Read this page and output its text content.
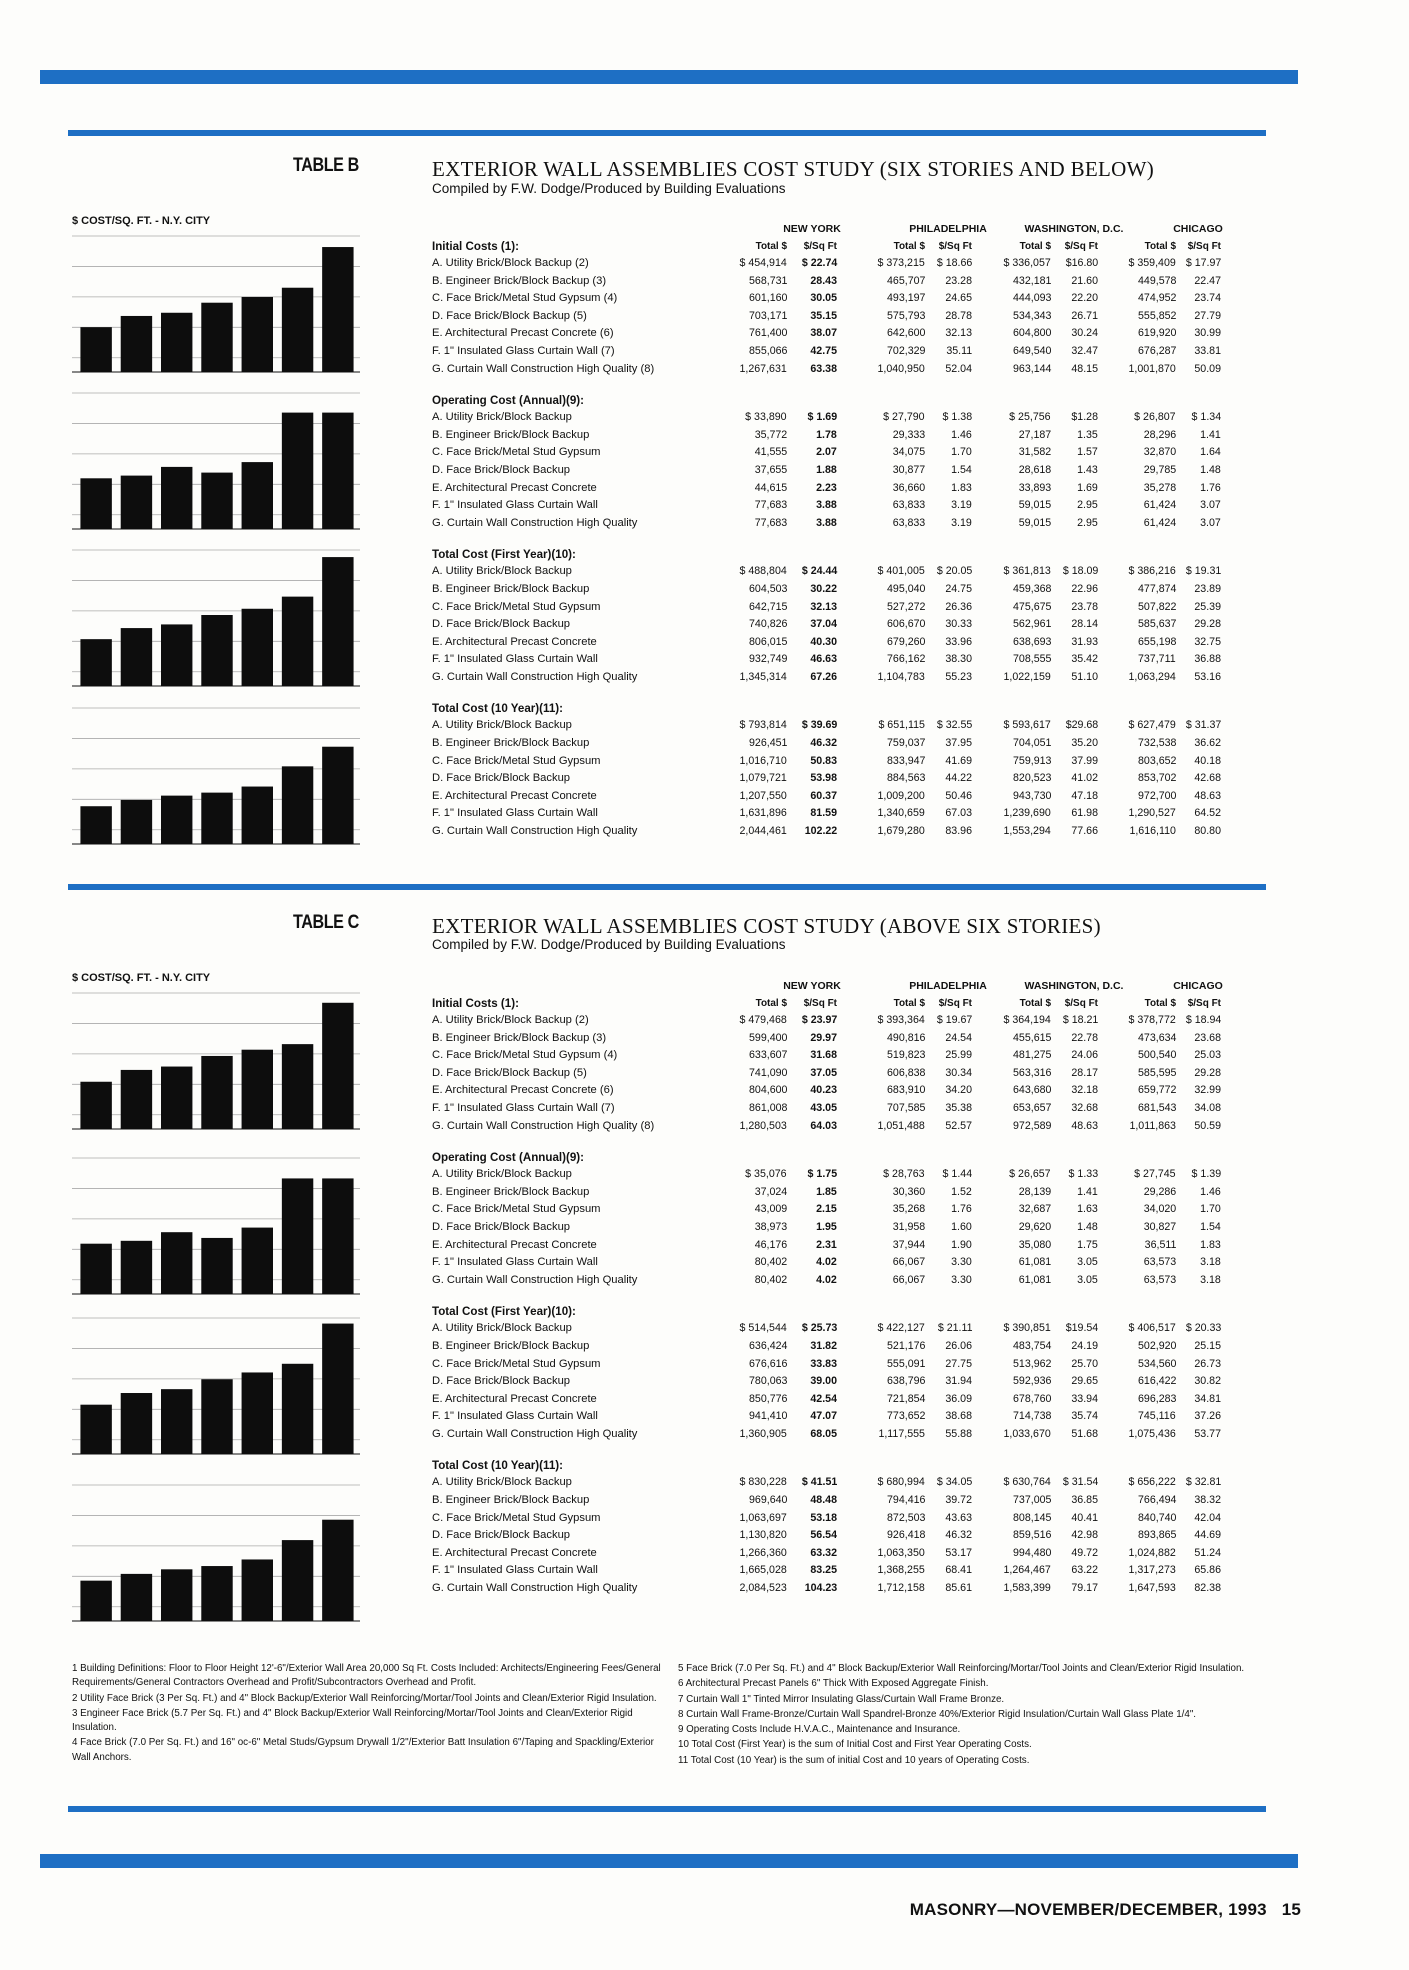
TABLE B	EXTERIOR WALL ASSEMBLIES COST STUDY (SIX STORIES AND BELOW)
Compiled by F.W. Dodge/Produced by Building Evaluations
$ COST/SQ. FT. - N.Y. CITY
NEW YORK	PHILADELPHIA	WASHINGTON, D.C.	CHICAGO
Initial Costs (1):	Total $	$/Sq Ft	Total $	$/Sq Ft	Total $	$/Sq Ft	Total $	$/Sq Ft
A. Utility Brick/Block Backup (2)	$ 454,914 $ 22.74	$ 373,215 $ 18.66	$ 336,057 $16.80	$ 359,409 $ 17.97
B. Engineer Brick/Block Backup (3)	568,731 28.43	465,707 23.28	432,181 21.60	449,578 22.47
C. Face Brick/Metal Stud Gypsum (4)	601,160 30.05	493,197 24.65	444,093 22.20	474,952 23.74
D. Face Brick/Block Backup (5)	703,171 35.15	575,793 28.78	534,343 26.71	555,852 27.79
E. Architectural Precast Concrete (6)	761,400 38.07	642,600 32.13	604,800 30.24	619,920 30.99
F. 1" Insulated Glass Curtain Wall (7)	855,066 42.75	702,329 35.11	649,540 32.47	676,287 33.81
G. Curtain Wall Construction High Quality (8)	1,267,631 63.38	1,040,950 52.04	963,144 48.15	1,001,870 50.09
Operating Cost (Annual)(9):
A. Utility Brick/Block Backup	$ 33,890 $ 1.69	$ 27,790 $ 1.38	$ 25,756 $1.28	$ 26,807 $ 1.34
B. Engineer Brick/Block Backup	35,772	1.78	29,333 1.46	27,187 1.35	28,296 1.41
C. Face Brick/Metal Stud Gypsum	41,555	2.07	34,075 1.70	31,582 1.57	32,870 1.64
D. Face Brick/Block Backup	37,655	1.88	30,877 1.54	28,618 1.43	29,785 1.48
E. Architectural Precast Concrete	44,615	2.23	36,660 1.83	33,893 1.69	35,278 1.76
F. 1" Insulated Glass Curtain Wall	77,683	3.88	63,833 3.19	59,015 2.95	61,424 3.07
G. Curtain Wall Construction High Quality	77,683	3.88	63,833 3.19	59,015 2.95	61,424 3.07
Total Cost (First Year)(10):
A. Utility Brick/Block Backup	$ 488,804 $ 24.44	$ 401,005 $ 20.05	$ 361,813 $ 18.09	$ 386,216 $ 19.31
B. Engineer Brick/Block Backup	604,503 30.22	495,040 24.75	459,368 22.96	477,874 23.89
C. Face Brick/Metal Stud Gypsum	642,715 32.13	527,272 26.36	475,675 23.78	507,822 25.39
D. Face Brick/Block Backup	740,826 37.04	606,670 30.33	562,961 28.14	585,637 29.28
E. Architectural Precast Concrete	806,015 40.30	679,260 33.96	638,693 31.93	655,198 32.75
F. 1" Insulated Glass Curtain Wall	932,749 46.63	766,162 38.30	708,555 35.42	737,711 36.88
G. Curtain Wall Construction High Quality	1,345,314 67.26	1,104,783 55.23	1,022,159 51.10	1,063,294 53.16
Total Cost (10 Year)(11):
A. Utility Brick/Block Backup	$ 793,814 $ 39.69	$ 651,115 $ 32.55	$ 593,617 $29.68	$ 627,479 $ 31.37
B. Engineer Brick/Block Backup	926,451 46.32	759,037 37.95	704,051 35.20	732,538 36.62
C. Face Brick/Metal Stud Gypsum	1,016,710 50.83	833,947 41.69	759,913 37.99	803,652 40.18
D. Face Brick/Block Backup	1,079,721 53.98	884,563 44.22	820,523 41.02	853,702 42.68
E. Architectural Precast Concrete	1,207,550 60.37	1,009,200 50.46	943,730 47.18	972,700 48.63
F. 1" Insulated Glass Curtain Wall	1,631,896 81.59	1,340,659 67.03	1,239,690 61.98	1,290,527 64.52
G. Curtain Wall Construction High Quality	2,044,461 102.22	1,679,280 83.96	1,553,294 77.66	1,616,110 80.80
TABLE C	EXTERIOR WALL ASSEMBLIES COST STUDY (ABOVE SIX STORIES)
Compiled by F.W. Dodge/Produced by Building Evaluations
$ COST/SQ. FT. - N.Y. CITY
NEW YORK	PHILADELPHIA	WASHINGTON, D.C.	CHICAGO
Initial Costs (1):	Total $	$/Sq Ft	Total $	$/Sq Ft	Total $	$/Sq Ft	Total $	$/Sq Ft
A. Utility Brick/Block Backup (2)	$ 479,468 $ 23.97	$ 393,364 $ 19.67	$ 364,194 $ 18.21	$ 378,772 $ 18.94
B. Engineer Brick/Block Backup (3)	599,400 29.97	490,816 24.54	455,615 22.78	473,634 23.68
C. Face Brick/Metal Stud Gypsum (4)	633,607 31.68	519,823 25.99	481,275 24.06	500,540 25.03
D. Face Brick/Block Backup (5)	741,090 37.05	606,838 30.34	563,316 28.17	585,595 29.28
E. Architectural Precast Concrete (6)	804,600 40.23	683,910 34.20	643,680 32.18	659,772 32.99
F. 1" Insulated Glass Curtain Wall (7)	861,008 43.05	707,585 35.38	653,657 32.68	681,543 34.08
G. Curtain Wall Construction High Quality (8)	1,280,503 64.03	1,051,488 52.57	972,589 48.63	1,011,863 50.59
Operating Cost (Annual)(9):
A. Utility Brick/Block Backup	$ 35,076 $ 1.75	$ 28,763 $ 1.44	$ 26,657 $ 1.33	$ 27,745 $ 1.39
B. Engineer Brick/Block Backup	37,024	1.85	30,360 1.52	28,139 1.41	29,286 1.46
C. Face Brick/Metal Stud Gypsum	43,009	2.15	35,268 1.76	32,687 1.63	34,020 1.70
D. Face Brick/Block Backup	38,973	1.95	31,958 1.60	29,620 1.48	30,827 1.54
E. Architectural Precast Concrete	46,176	2.31	37,944 1.90	35,080 1.75	36,511 1.83
F. 1" Insulated Glass Curtain Wall	80,402	4.02	66,067 3.30	61,081 3.05	63,573 3.18
G. Curtain Wall Construction High Quality	80,402	4.02	66,067 3.30	61,081 3.05	63,573 3.18
Total Cost (First Year)(10):
A. Utility Brick/Block Backup	$ 514,544 $ 25.73	$ 422,127 $ 21.11	$ 390,851 $19.54	$ 406,517 $ 20.33
B. Engineer Brick/Block Backup	636,424 31.82	521,176 26.06	483,754 24.19	502,920 25.15
C. Face Brick/Metal Stud Gypsum	676,616 33.83	555,091 27.75	513,962 25.70	534,560 26.73
D. Face Brick/Block Backup	780,063 39.00	638,796 31.94	592,936 29.65	616,422 30.82
E. Architectural Precast Concrete	850,776 42.54	721,854 36.09	678,760 33.94	696,283 34.81
F. 1" Insulated Glass Curtain Wall	941,410 47.07	773,652 38.68	714,738 35.74	745,116 37.26
G. Curtain Wall Construction High Quality	1,360,905 68.05	1,117,555 55.88	1,033,670 51.68	1,075,436 53.77
Total Cost (10 Year)(11):
A. Utility Brick/Block Backup	$ 830,228 $ 41.51	$ 680,994 $ 34.05	$ 630,764 $ 31.54	$ 656,222 $ 32.81
B. Engineer Brick/Block Backup	969,640 48.48	794,416 39.72	737,005 36.85	766,494 38.32
C. Face Brick/Metal Stud Gypsum	1,063,697 53.18	872,503 43.63	808,145 40.41	840,740 42.04
D. Face Brick/Block Backup	1,130,820 56.54	926,418 46.32	859,516 42.98	893,865 44.69
E. Architectural Precast Concrete	1,266,360 63.32	1,063,350 53.17	994,480 49.72	1,024,882 51.24
F. 1" Insulated Glass Curtain Wall	1,665,028 83.25	1,368,255 68.41	1,264,467 63.22	1,317,273 65.86
G. Curtain Wall Construction High Quality	2,084,523 104.23	1,712,158 85.61	1,583,399 79.17	1,647,593 82.38
1 Building Definitions: Floor to Floor Height 12'-6"/Exterior Wall Area 20,000 Sq Ft. Costs Included: Architects/Engineering Fees/General Requirements/General Contractors Overhead and Profit/Subcontractors Overhead and Profit.
2 Utility Face Brick (3 Per Sq. Ft.) and 4" Block Backup/Exterior Wall Reinforcing/Mortar/Tool Joints and Clean/Exterior Rigid Insulation.
3 Engineer Face Brick (5.7 Per Sq. Ft.) and 4" Block Backup/Exterior Wall Reinforcing/Mortar/Tool Joints and Clean/Exterior Rigid Insulation.
4 Face Brick (7.0 Per Sq. Ft.) and 16" oc-6" Metal Studs/Gypsum Drywall 1/2"/Exterior Batt Insulation 6"/Taping and Spackling/Exterior Wall Anchors.
5 Face Brick (7.0 Per Sq. Ft.) and 4" Block Backup/Exterior Wall Reinforcing/Mortar/Tool Joints and Clean/Exterior Rigid Insulation.
6 Architectural Precast Panels 6" Thick With Exposed Aggregate Finish.
7 Curtain Wall 1" Tinted Mirror Insulating Glass/Curtain Wall Frame Bronze.
8 Curtain Wall Frame-Bronze/Curtain Wall Spandrel-Bronze 40%/Exterior Rigid Insulation/Curtain Wall Glass Plate 1/4".
9 Operating Costs Include H.V.A.C., Maintenance and Insurance.
10 Total Cost (First Year) is the sum of Initial Cost and First Year Operating Costs.
11 Total Cost (10 Year) is the sum of initial Cost and 10 years of Operating Costs.
MASONRY—NOVEMBER/DECEMBER, 1993 15
